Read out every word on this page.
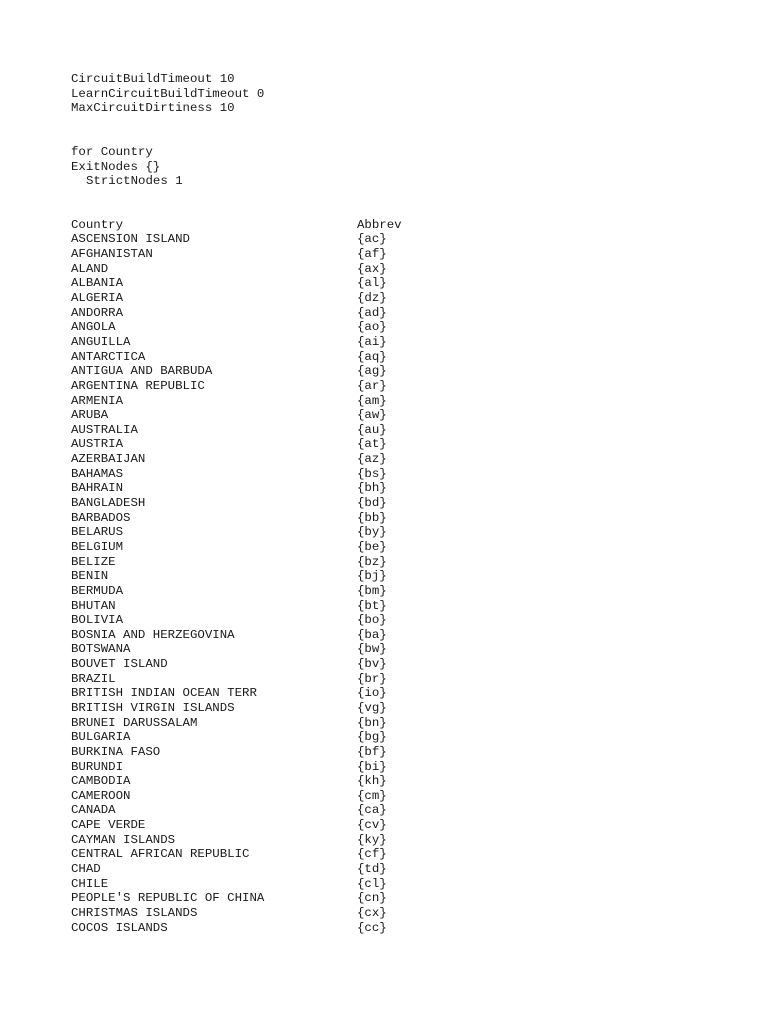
CircuitBuildTimeout 10
LearnCircuitBuildTimeout 0
MaxCircuitDirtiness 10
for Country
ExitNodes {}
StrictNodes 1
Country	Abbrev
ASCENSION ISLAND	{ac}
AFGHANISTAN	{af}
ALAND	{ax}
ALBANIA	{al}
ALGERIA	{dz}
ANDORRA	{ad}
ANGOLA	{ao}
ANGUILLA	{ai}
ANTARCTICA	{aq}
ANTIGUA AND BARBUDA	{ag}
ARGENTINA REPUBLIC	{ar}
ARMENIA	{am}
ARUBA	{aw}
AUSTRALIA	{au}
AUSTRIA	{at}
AZERBAIJAN	{az}
BAHAMAS	{bs}
BAHRAIN	{bh}
BANGLADESH	{bd}
BARBADOS	{bb}
BELARUS	{by}
BELGIUM	{be}
BELIZE	{bz}
BENIN	{bj}
BERMUDA	{bm}
BHUTAN	{bt}
BOLIVIA	{bo}
BOSNIA AND HERZEGOVINA	{ba}
BOTSWANA	{bw}
BOUVET ISLAND	{bv}
BRAZIL	{br}
BRITISH INDIAN OCEAN TERR	{io}
BRITISH VIRGIN ISLANDS	{vg}
BRUNEI DARUSSALAM	{bn}
BULGARIA	{bg}
BURKINA FASO	{bf}
BURUNDI	{bi}
CAMBODIA	{kh}
CAMEROON	{cm}
CANADA	{ca}
CAPE VERDE	{cv}
CAYMAN ISLANDS	{ky}
CENTRAL AFRICAN REPUBLIC	{cf}
CHAD	{td}
CHILE	{cl}
PEOPLE'S REPUBLIC OF CHINA	{cn}
CHRISTMAS ISLANDS	{cx}
COCOS ISLANDS	{cc}
